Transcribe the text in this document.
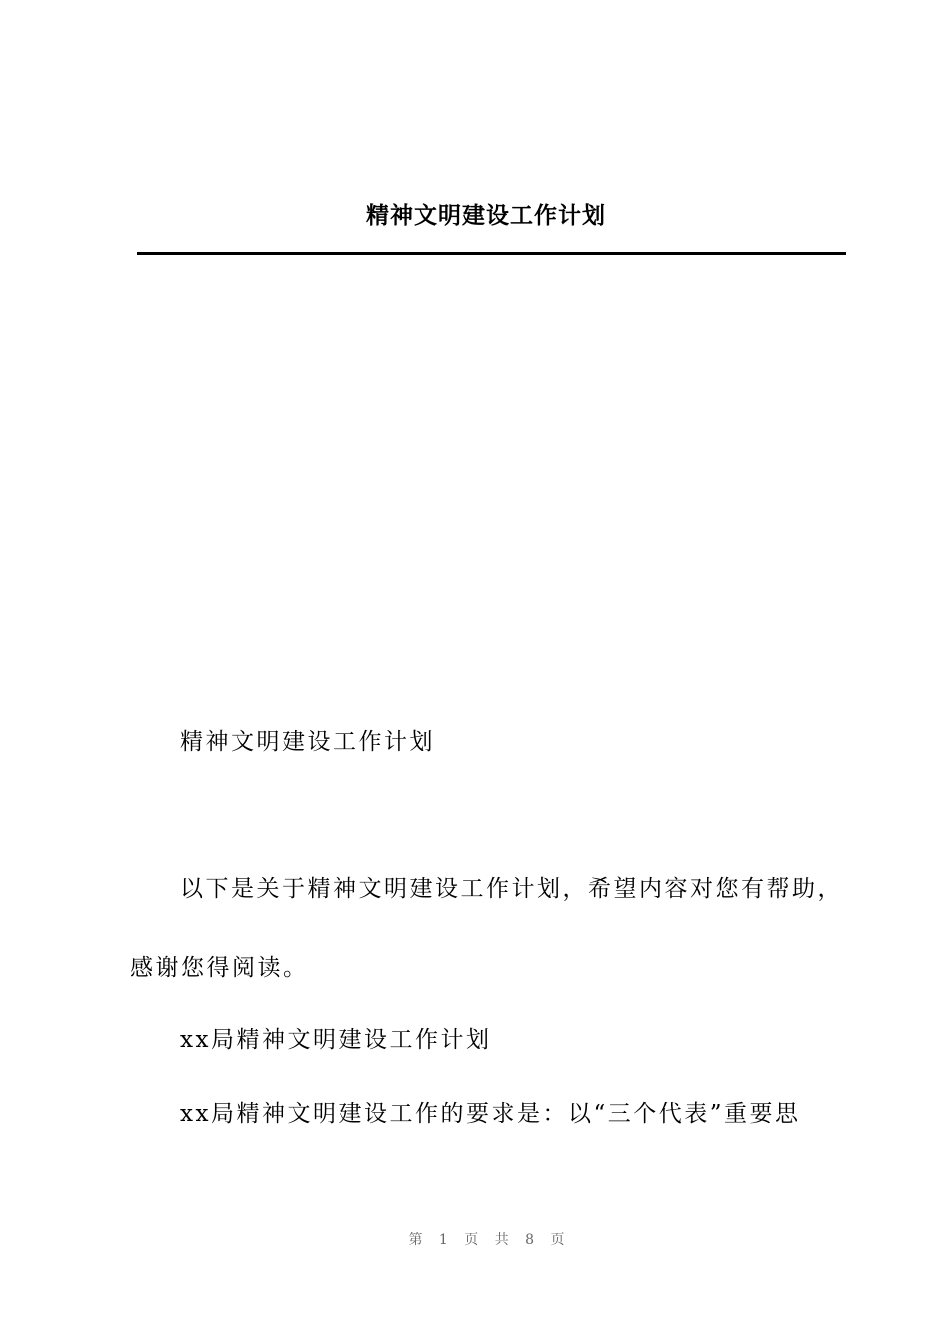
精神文明建设工作计划
精神文明建设工作计划
以下是关于精神文明建设工作计划，希望内容对您有帮助，
感谢您得阅读。
xx局精神文明建设工作计划
xx局精神文明建设工作的要求是：以“三个代表”重要思
第 1 页 共 8 页
